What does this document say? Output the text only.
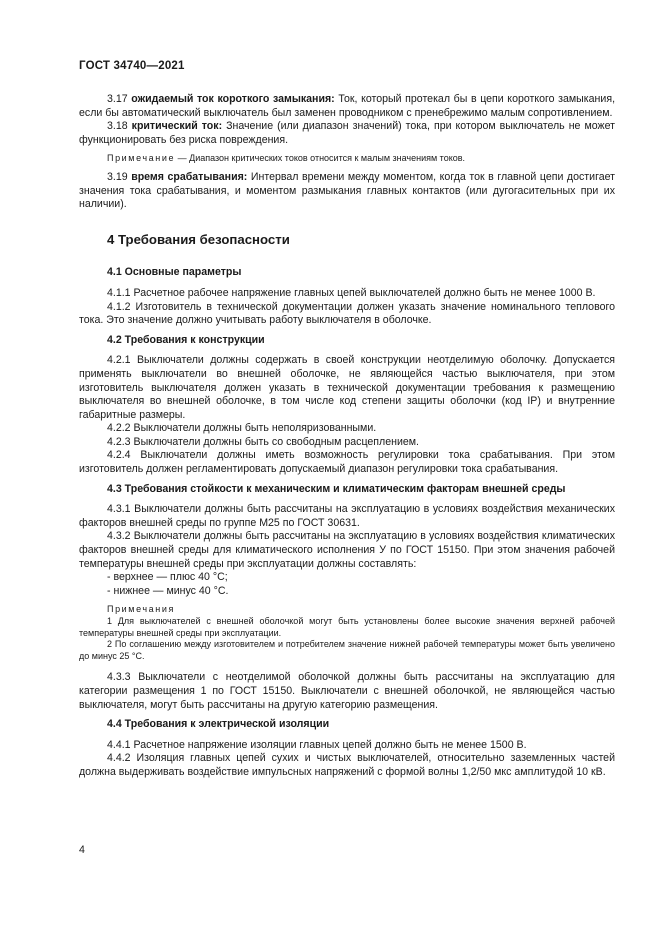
ГОСТ 34740—2021

3.17 ожидаемый ток короткого замыкания: Ток, который протекал бы в цепи короткого замыкания, если бы автоматический выключатель был заменен проводником с пренебрежимо малым сопротивлением.

3.18 критический ток: Значение (или диапазон значений) тока, при котором выключатель не может функционировать без риска повреждения.

Примечание — Диапазон критических токов относится к малым значениям токов.

3.19 время срабатывания: Интервал времени между моментом, когда ток в главной цепи достигает значения тока срабатывания, и моментом размыкания главных контактов (или дугогасительных при их наличии).

4 Требования безопасности
4.1 Основные параметры

4.1.1 Расчетное рабочее напряжение главных цепей выключателей должно быть не менее 1000 В.

4.1.2 Изготовитель в технической документации должен указать значение номинального теплового тока. Это значение должно учитывать работу выключателя в оболочке.

4.2 Требования к конструкции

4.2.1 Выключатели должны содержать в своей конструкции неотделимую оболочку. Допускается применять выключатели во внешней оболочке, не являющейся частью выключателя, при этом изготовитель выключателя должен указать в технической документации требования к размещению выключателя во внешней оболочке, в том числе код степени защиты оболочки (код IP) и внутренние габаритные размеры.

4.2.2 Выключатели должны быть неполяризованными.

4.2.3 Выключатели должны быть со свободным расцеплением.

4.2.4 Выключатели должны иметь возможность регулировки тока срабатывания. При этом изготовитель должен регламентировать допускаемый диапазон регулировки тока срабатывания.

4.3 Требования стойкости к механическим и климатическим факторам внешней среды

4.3.1 Выключатели должны быть рассчитаны на эксплуатацию в условиях воздействия механических факторов внешней среды по группе М25 по ГОСТ 30631.

4.3.2 Выключатели должны быть рассчитаны на эксплуатацию в условиях воздействия климатических факторов внешней среды для климатического исполнения У по ГОСТ 15150. При этом значения рабочей температуры внешней среды при эксплуатации должны составлять:

- верхнее — плюс 40 °С;

- нижнее — минус 40 °С.

Примечания

1 Для выключателей с внешней оболочкой могут быть установлены более высокие значения верхней рабочей температуры внешней среды при эксплуатации.

2 По соглашению между изготовителем и потребителем значение нижней рабочей температуры может быть увеличено до минус 25 °С.

4.3.3 Выключатели с неотделимой оболочкой должны быть рассчитаны на эксплуатацию для категории размещения 1 по ГОСТ 15150. Выключатели с внешней оболочкой, не являющейся частью выключателя, могут быть рассчитаны на другую категорию размещения.

4.4 Требования к электрической изоляции

4.4.1 Расчетное напряжение изоляции главных цепей должно быть не менее 1500 В.

4.4.2 Изоляция главных цепей сухих и чистых выключателей, относительно заземленных частей должна выдерживать воздействие импульсных напряжений с формой волны 1,2/50 мкс амплитудой 10 кВ.

4
